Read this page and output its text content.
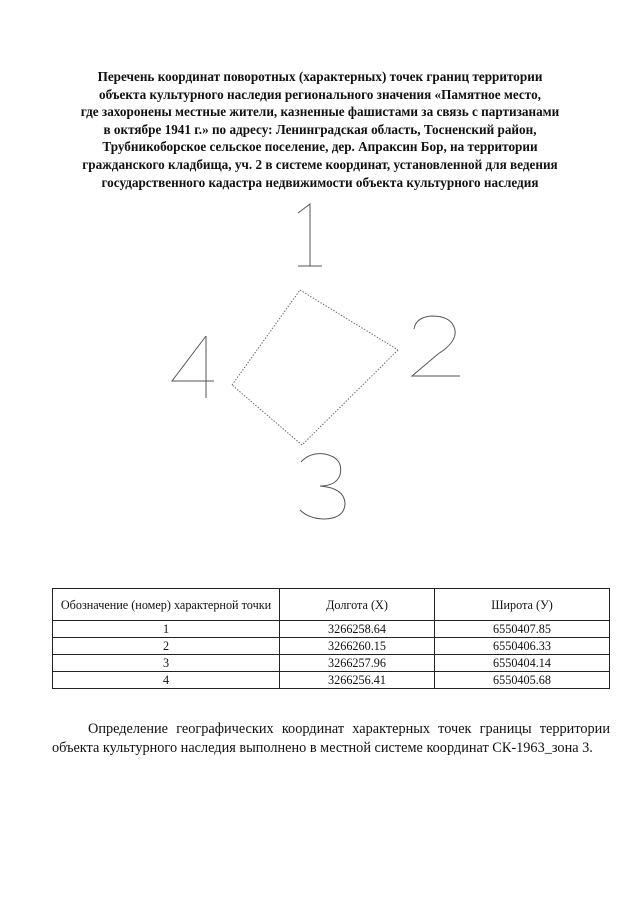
Перечень координат поворотных (характерных) точек границ территории
объекта культурного наследия регионального значения «Памятное место,
где захоронены местные жители, казненные фашистами за связь с партизанами
в октябре 1941 г.» по адресу: Ленинградская область, Тосненский район,
Трубникоборское сельское поселение, дер. Апраксин Бор, на территории
гражданского кладбища, уч. 2 в системе координат, установленной для ведения
государственного кадастра недвижимости объекта культурного наследия
Обозначение (номер) характерной точки	Долгота (X)	Широта (У)
1	3266258.64	6550407.85
2	3266260.15	6550406.33
3	3266257.96	6550404.14
4	3266256.41	6550405.68

Определение географических координат характерных точек границы территории объекта культурного наследия выполнено в местной системе координат СК-1963_зона 3.
